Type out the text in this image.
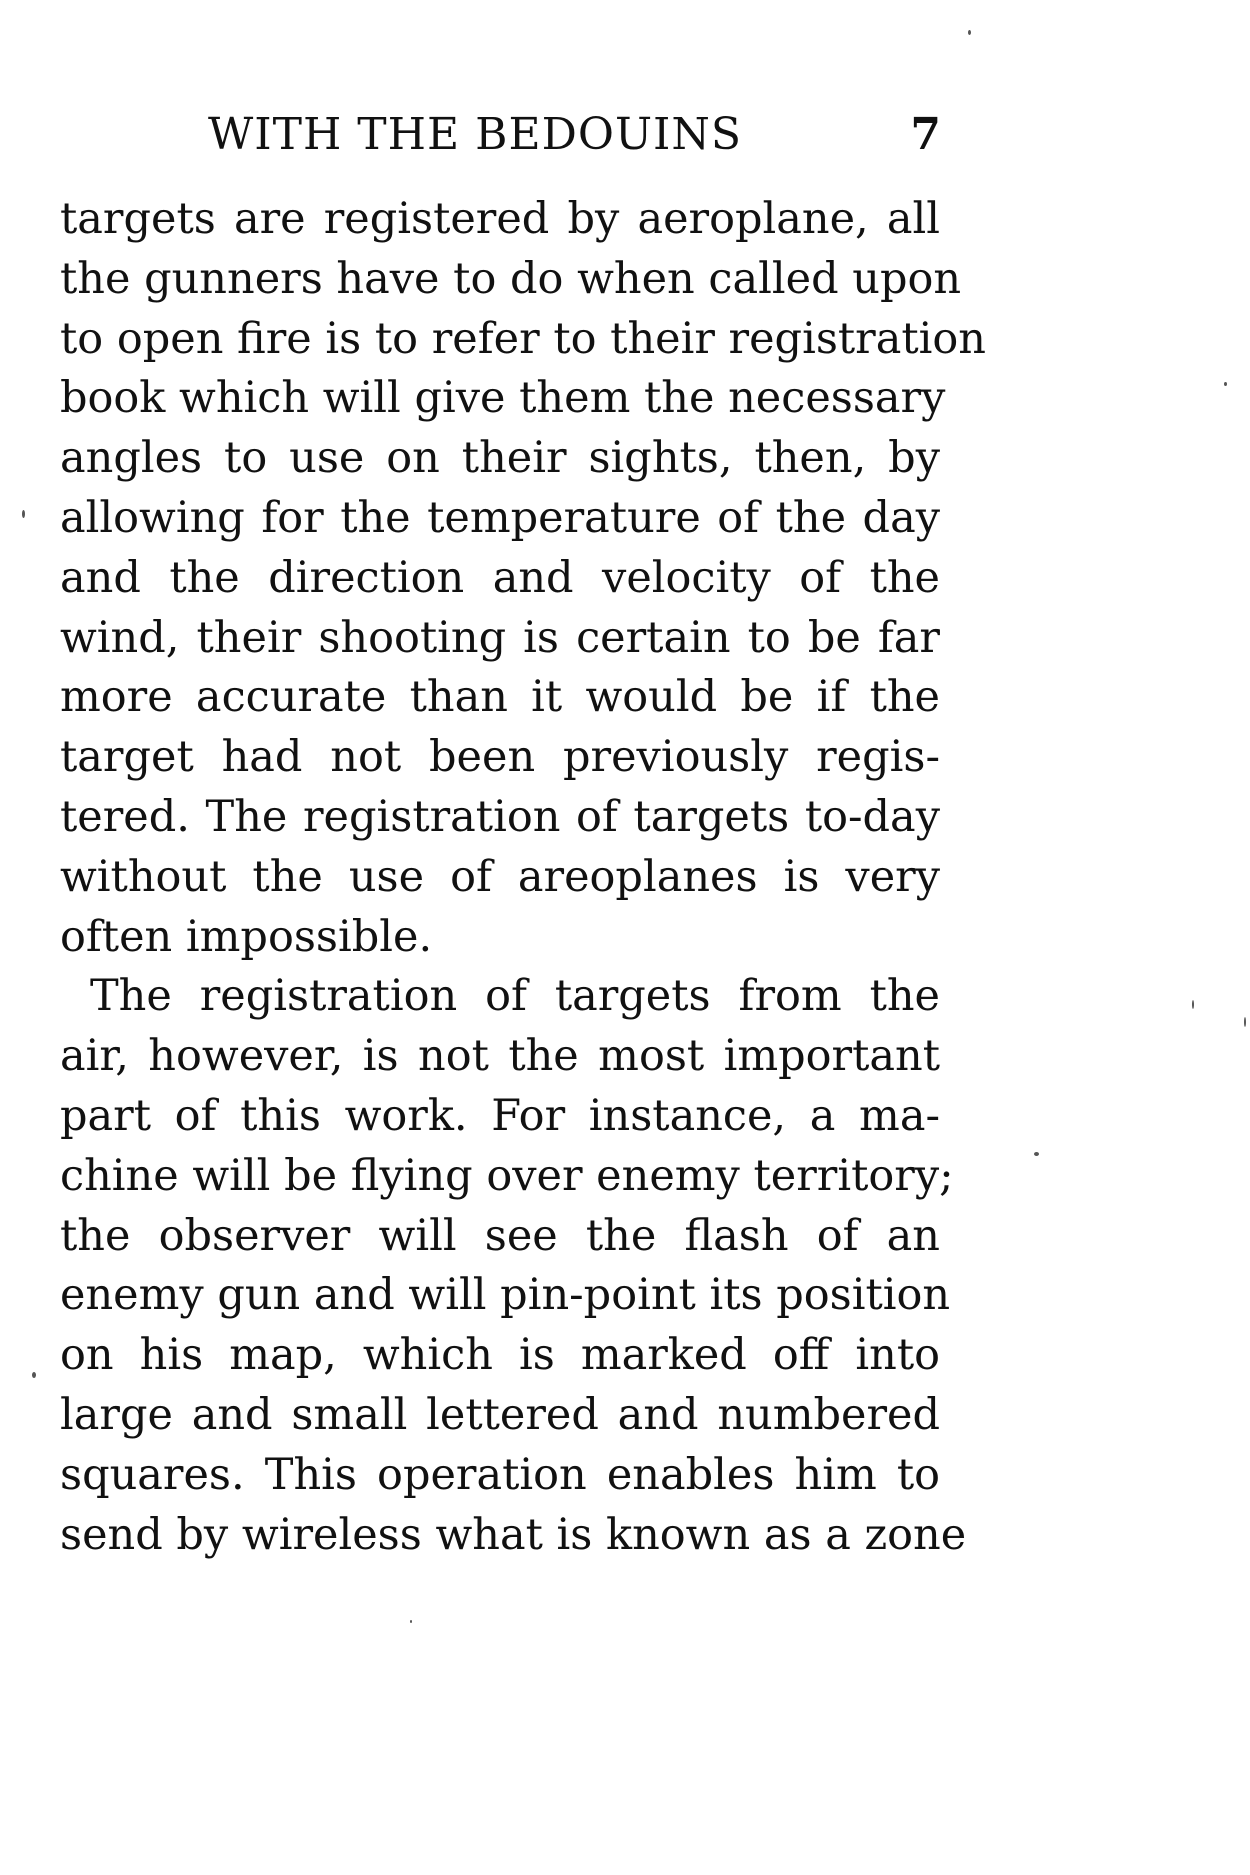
WITH THE BEDOUINS	7
targets are registered by aeroplane, all
the gunners have to do when called upon
to open fire is to refer to their registration
book which will give them the necessary
angles to use on their sights, then, by
allowing for the temperature of the day
and the direction and velocity of the
wind, their shooting is certain to be far
more accurate than it would be if the
target had not been previously regis-
tered. The registration of targets to-day
without the use of areoplanes is very
often impossible.
The registration of targets from the
air, however, is not the most important
part of this work. For instance, a ma-
chine will be flying over enemy territory;
the observer will see the flash of an
enemy gun and will pin-point its position
on his map, which is marked off into
large and small lettered and numbered
squares. This operation enables him to
send by wireless what is known as a zone
